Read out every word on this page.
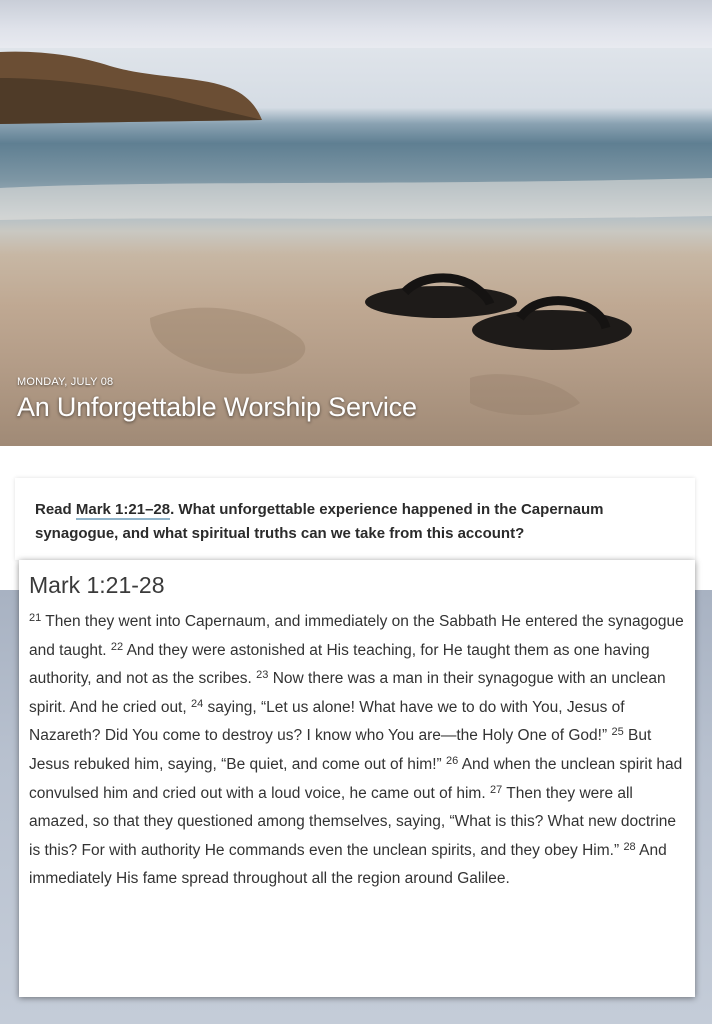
MONDAY, JULY 08
An Unforgettable Worship Service
Read Mark 1:21–28. What unforgettable experience happened in the Capernaum synagogue, and what spiritual truths can we take from this account?
Mark 1:21-28
$^{21}$ Then they went into Capernaum, and immediately on the Sabbath He entered the synagogue and taught. $^{22}$ And they were astonished at His teaching, for He taught them as one having authority, and not as the scribes. $^{23}$ Now there was a man in their synagogue with an unclean spirit. And he cried out, $^{24}$ saying, “Let us alone! What have we to do with You, Jesus of Nazareth? Did You come to destroy us? I know who You are—the Holy One of God!” $^{25}$ But Jesus rebuked him, saying, “Be quiet, and come out of him!” $^{26}$ And when the unclean spirit had convulsed him and cried out with a loud voice, he came out of him. $^{27}$ Then they were all amazed, so that they questioned among themselves, saying, “What is this? What new doctrine is this? For with authority He commands even the unclean spirits, and they obey Him.” $^{28}$ And immediately His fame spread throughout all the region around Galilee.
